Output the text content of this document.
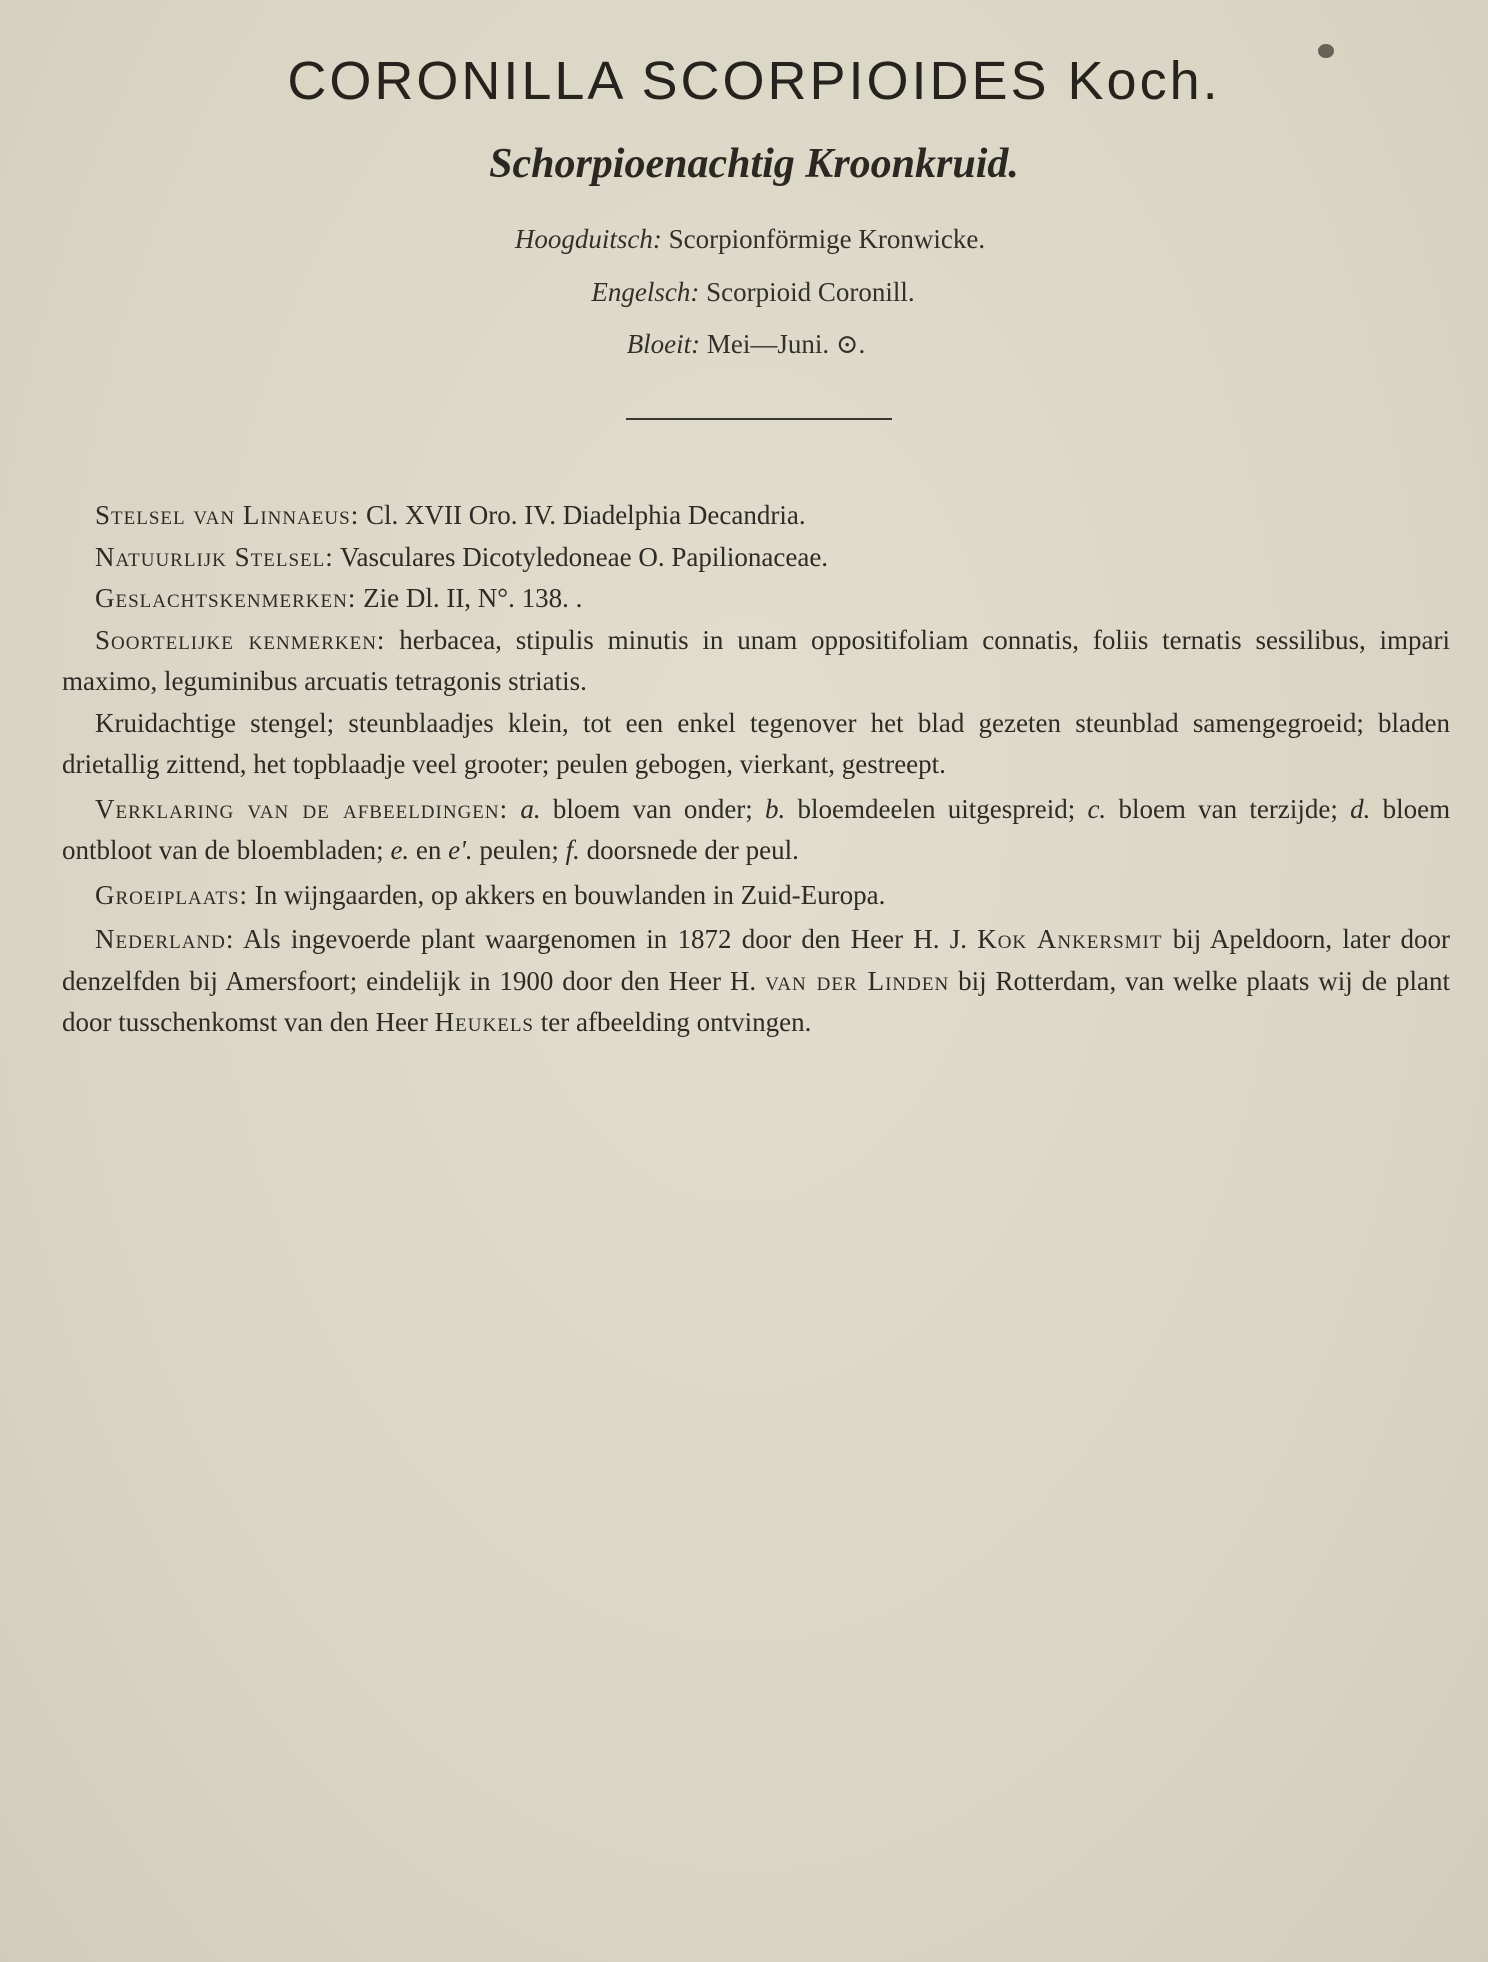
CORONILLA SCORPIOIDES Koch.
Schorpioenachtig Kroonkruid.
Hoogduitsch: Scorpionförmige Kronwicke.
Engelsch: Scorpioid Coronill.
Bloeit: Mei—Juni. ⊙.

Stelsel van Linnaeus: Cl. XVII Oro. IV. Diadelphia Decandria.

Natuurlijk Stelsel: Vasculares Dicotyledoneae O. Papilionaceae.

Geslachtskenmerken: Zie Dl. II, N°. 138. .

Soortelijke kenmerken: herbacea, stipulis minutis in unam oppositifoliam connatis, foliis ternatis sessilibus, impari maximo, leguminibus arcuatis tetragonis striatis.

Kruidachtige stengel; steunblaadjes klein, tot een enkel tegenover het blad gezeten steunblad samengegroeid; bladen drietallig zittend, het topblaadje veel grooter; peulen gebogen, vierkant, gestreept.

Verklaring van de afbeeldingen: a. bloem van onder; b. bloemdeelen uitgespreid; c. bloem van terzijde; d. bloem ontbloot van de bloembladen; e. en e'. peulen; f. doorsnede der peul.

Groeiplaats: In wijngaarden, op akkers en bouwlanden in Zuid-Europa.

Nederland: Als ingevoerde plant waargenomen in 1872 door den Heer H. J. Kok Ankersmit bij Apeldoorn, later door denzelfden bij Amersfoort; eindelijk in 1900 door den Heer H. van der Linden bij Rotterdam, van welke plaats wij de plant door tusschenkomst van den Heer Heukels ter afbeelding ontvingen.
